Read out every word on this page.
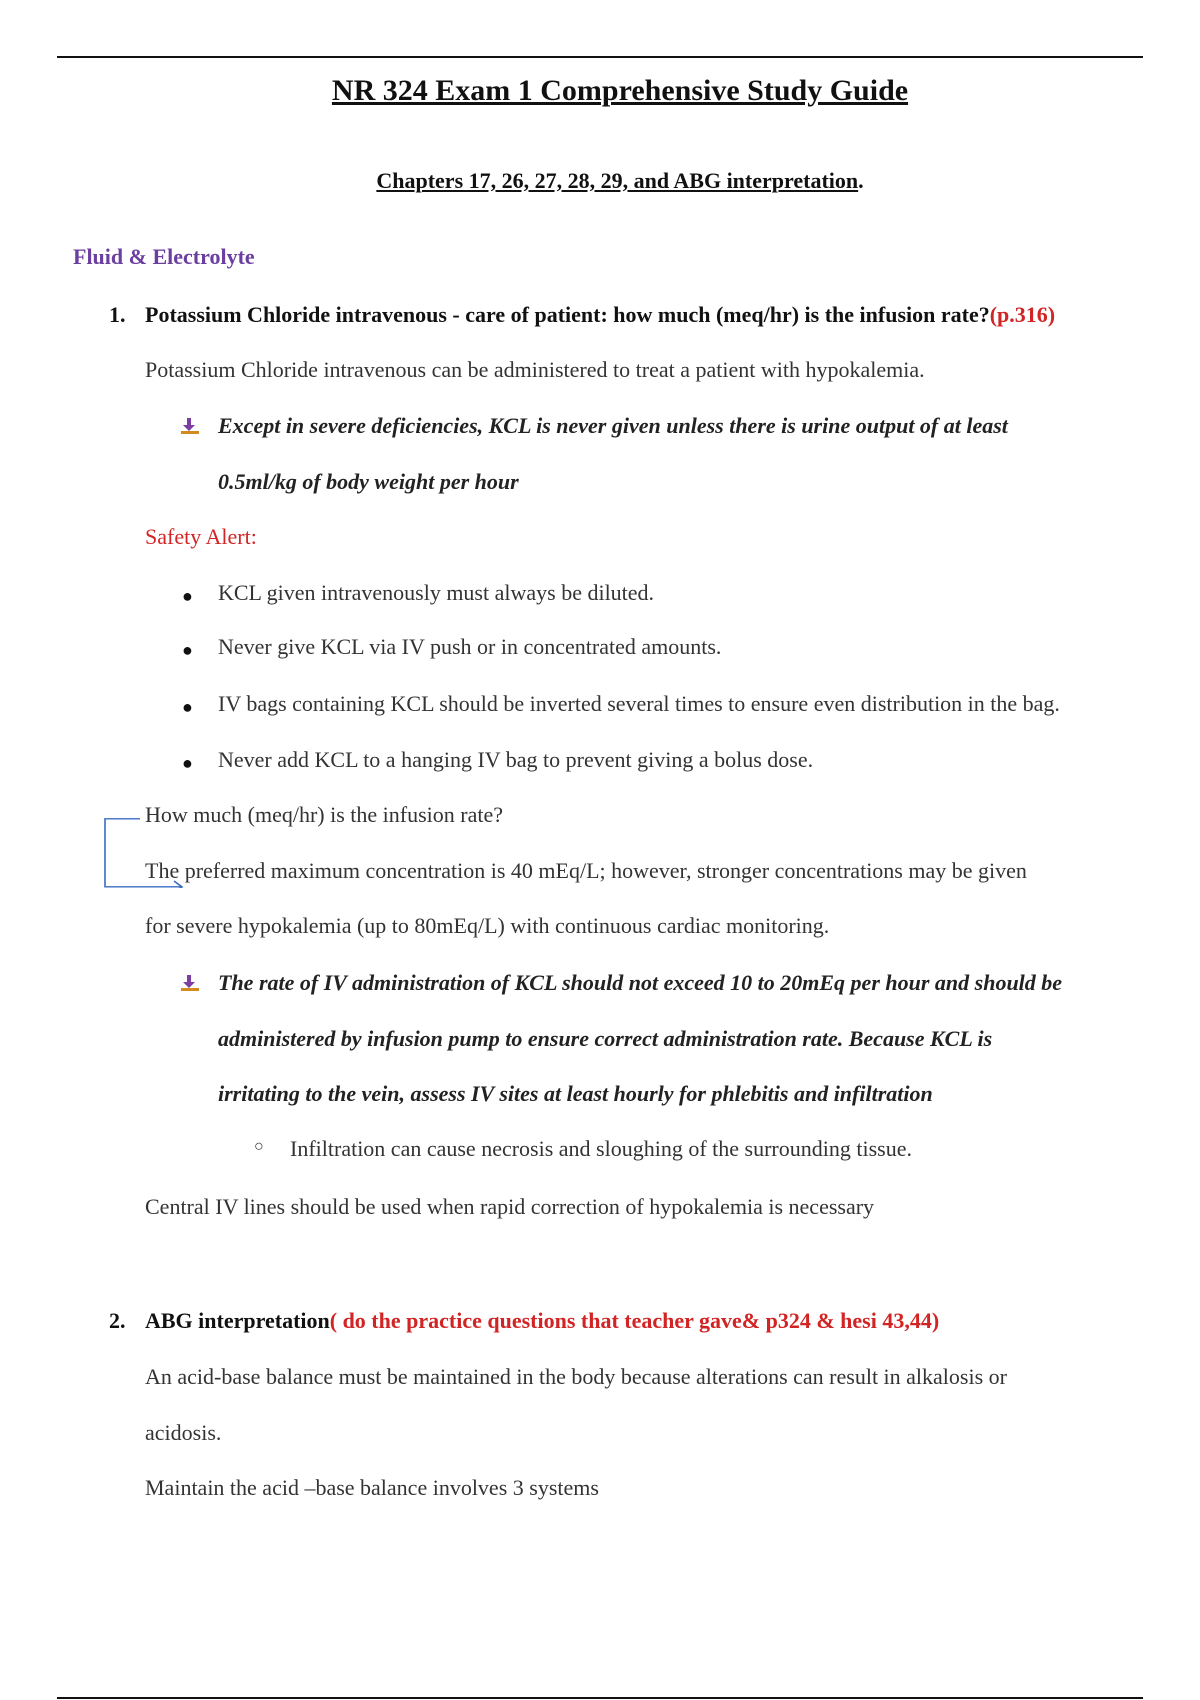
NR 324 Exam 1 Comprehensive Study Guide
Chapters 17, 26, 27, 28, 29, and ABG interpretation.
Fluid & Electrolyte
1. Potassium Chloride intravenous - care of patient: how much (meq/hr) is the infusion rate?(p.316)
Potassium Chloride intravenous can be administered to treat a patient with hypokalemia.
Except in severe deficiencies, KCL is never given unless there is urine output of at least
0.5ml/kg of body weight per hour
Safety Alert:
● KCL given intravenously must always be diluted.
● Never give KCL via IV push or in concentrated amounts.
● IV bags containing KCL should be inverted several times to ensure even distribution in the bag.
● Never add KCL to a hanging IV bag to prevent giving a bolus dose.
How much (meq/hr) is the infusion rate?
The preferred maximum concentration is 40 mEq/L; however, stronger concentrations may be given
for severe hypokalemia (up to 80mEq/L) with continuous cardiac monitoring.
The rate of IV administration of KCL should not exceed 10 to 20mEq per hour and should be
administered by infusion pump to ensure correct administration rate. Because KCL is
irritating to the vein, assess IV sites at least hourly for phlebitis and infiltration
○ Infiltration can cause necrosis and sloughing of the surrounding tissue.
Central IV lines should be used when rapid correction of hypokalemia is necessary
2. ABG interpretation( do the practice questions that teacher gave& p324 & hesi 43,44)
An acid-base balance must be maintained in the body because alterations can result in alkalosis or
acidosis.
Maintain the acid –base balance involves 3 systems
